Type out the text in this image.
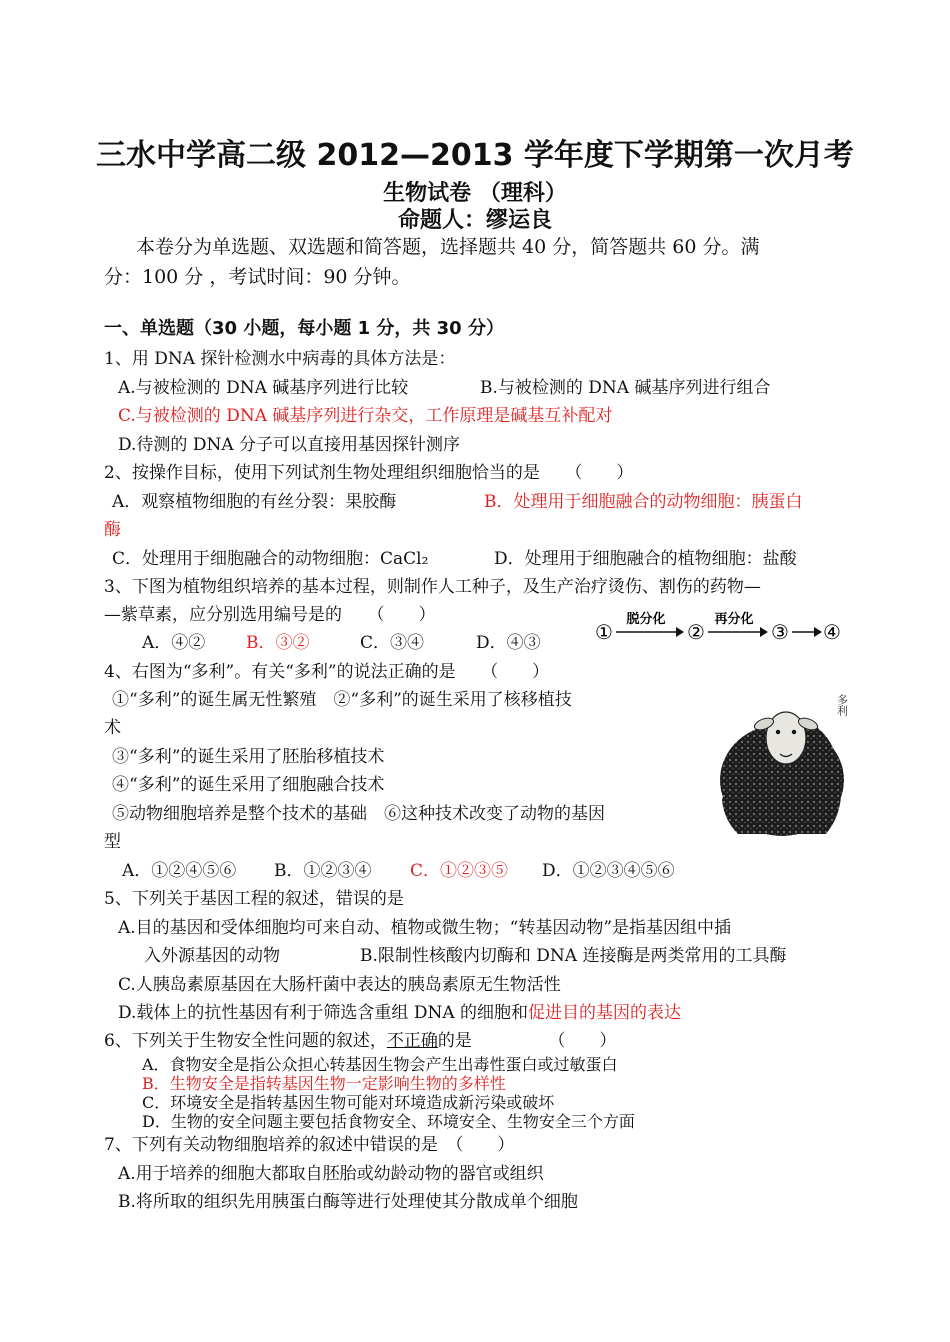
三水中学高二级 2012—2013 学年度下学期第一次月考
生物试卷 （理科）
命题人：缪运良
本卷分为单选题、双选题和简答题，选择题共 40 分，简答题共 60 分。满
分：100 分 ，考试时间：90 分钟。
一、单选题（30 小题，每小题 1 分，共 30 分）
1、用 DNA 探针检测水中病毒的具体方法是：
A.与被检测的 DNA 碱基序列进行比较	B.与被检测的 DNA 碱基序列进行组合
C.与被检测的 DNA 碱基序列进行杂交，工作原理是碱基互补配对
D.待测的 DNA 分子可以直接用基因探针测序
2、按操作目标，使用下列试剂生物处理组织细胞恰当的是　　（　　）
A．观察植物细胞的有丝分裂：果胶酶	B．处理用于细胞融合的动物细胞：胰蛋白
酶
C．处理用于细胞融合的动物细胞：CaCl₂	D．处理用于细胞融合的植物细胞：盐酸
3、下图为植物组织培养的基本过程，则制作人工种子，及生产治疗烫伤、割伤的药物—
—紫草素，应分别选用编号是的　　（　　）
A．④② B．③②	C．③④	D．④③	①
脱分化
②
再分化
③ ④
4、右图为“多利”。有关“多利”的说法正确的是　　（　　）
①“多利”的诞生属无性繁殖　②“多利”的诞生采用了核移植技
术
③“多利”的诞生采用了胚胎移植技术
④“多利”的诞生采用了细胞融合技术
⑤动物细胞培养是整个技术的基础　⑥这种技术改变了动物的基因
型
A．①②④⑤⑥ B．①②③④ C．①②③⑤ D．①②③④⑤⑥
多利
5、下列关于基因工程的叙述，错误的是
A.目的基因和受体细胞均可来自动、植物或微生物；“转基因动物”是指基因组中插
入外源基因的动物	B.限制性核酸内切酶和 DNA 连接酶是两类常用的工具酶
C.人胰岛素原基因在大肠杆菌中表达的胰岛素原无生物活性
D.载体上的抗性基因有利于筛选含重组 DNA 的细胞和促进目的基因的表达
6、下列关于生物安全性问题的叙述，不正确的是　　　　　（　　）
A．食物安全是指公众担心转基因生物会产生出毒性蛋白或过敏蛋白
B．生物安全是指转基因生物一定影响生物的多样性
C．环境安全是指转基因生物可能对环境造成新污染或破坏
D．生物的安全问题主要包括食物安全、环境安全、生物安全三个方面
7、下列有关动物细胞培养的叙述中错误的是　（　　）
A.用于培养的细胞大都取自胚胎或幼龄动物的器官或组织
B.将所取的组织先用胰蛋白酶等进行处理使其分散成单个细胞
